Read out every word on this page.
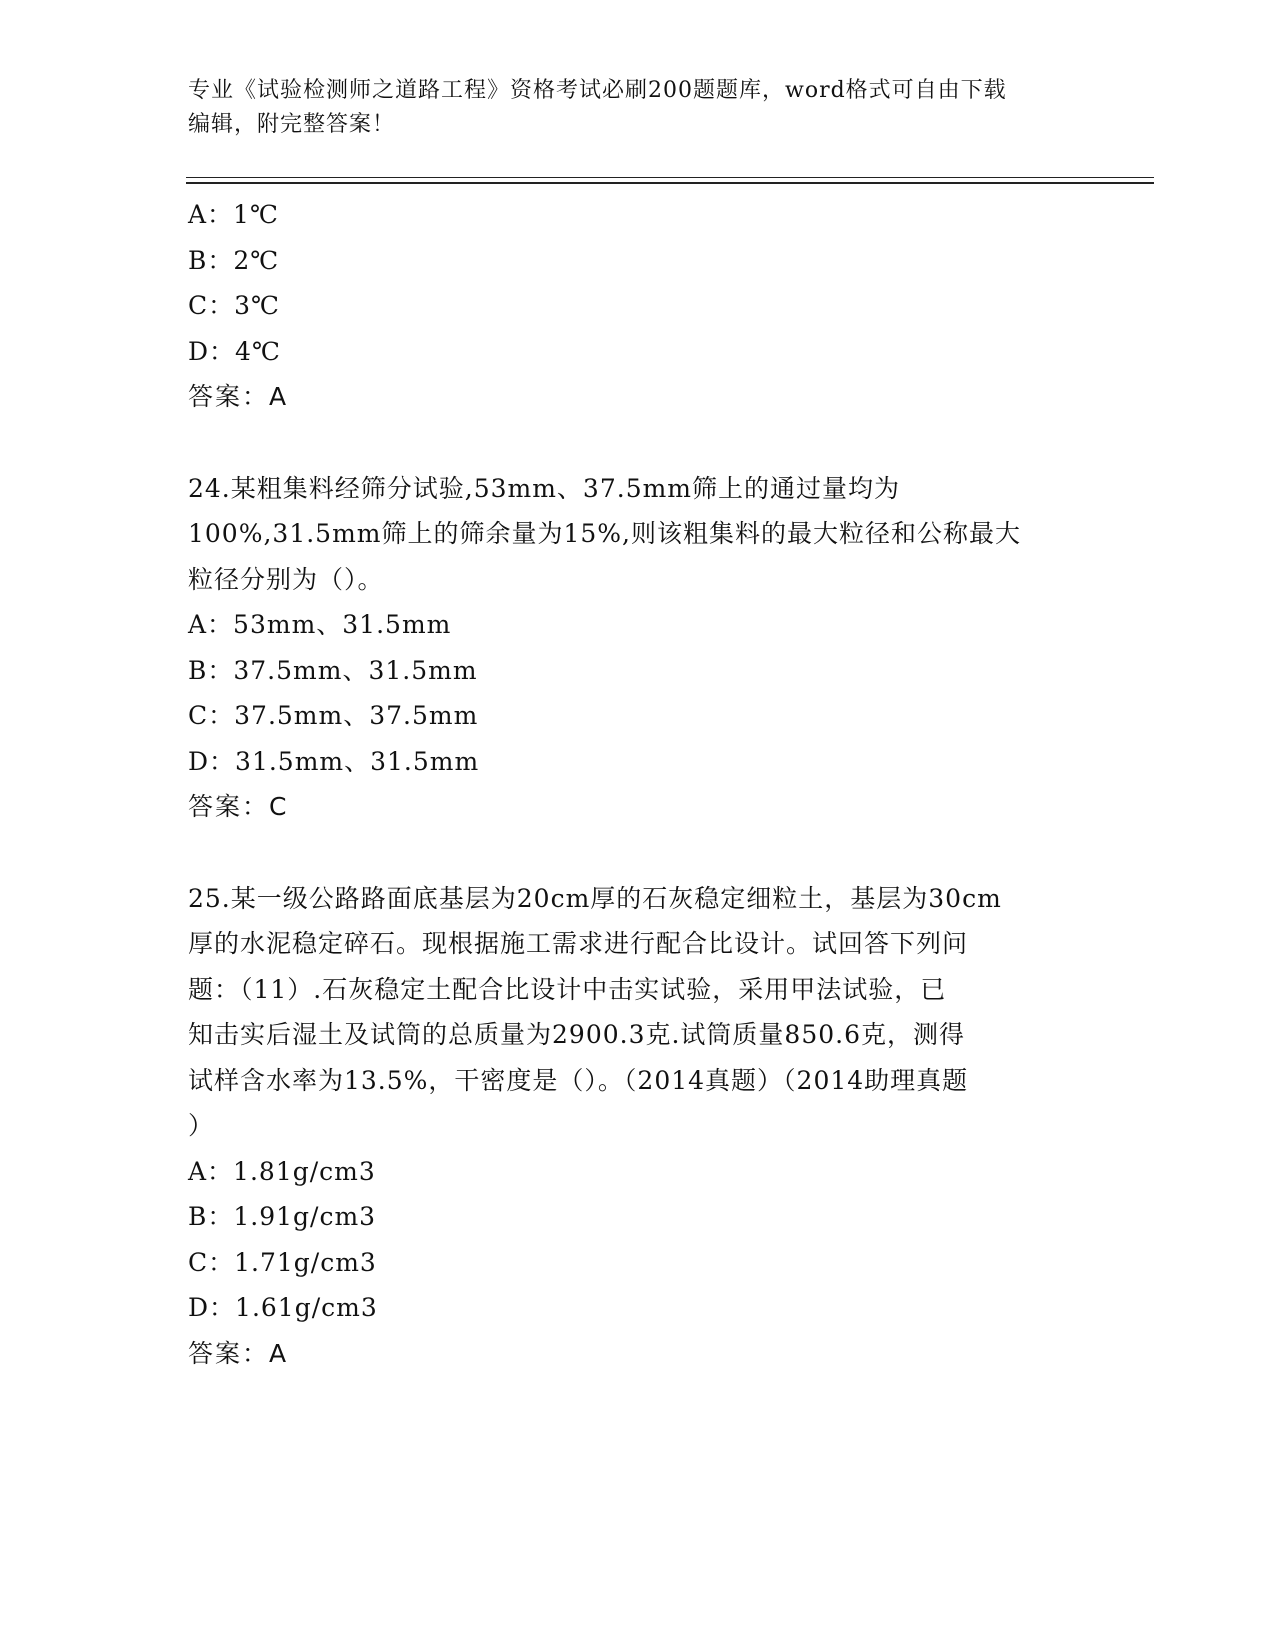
专业《试验检测师之道路工程》资格考试必刷200题题库，word格式可自由下载
编辑，附完整答案！
A：1℃
B：2℃
C：3℃
D：4℃
答案：A
24.某粗集料经筛分试验,53mm、37.5mm筛上的通过量均为
100%,31.5mm筛上的筛余量为15%,则该粗集料的最大粒径和公称最大
粒径分别为（）。
A：53mm、31.5mm
B：37.5mm、31.5mm
C：37.5mm、37.5mm
D：31.5mm、31.5mm
答案：C
25.某一级公路路面底基层为20cm厚的石灰稳定细粒土，基层为30cm
厚的水泥稳定碎石。现根据施工需求进行配合比设计。试回答下列问
题：（11）.石灰稳定土配合比设计中击实试验，采用甲法试验，已
知击实后湿土及试筒的总质量为2900.3克.试筒质量850.6克，测得
试样含水率为13.5%，干密度是（）。（2014真题）（2014助理真题
）
A：1.81g/cm3
B：1.91g/cm3
C：1.71g/cm3
D：1.61g/cm3
答案：A
